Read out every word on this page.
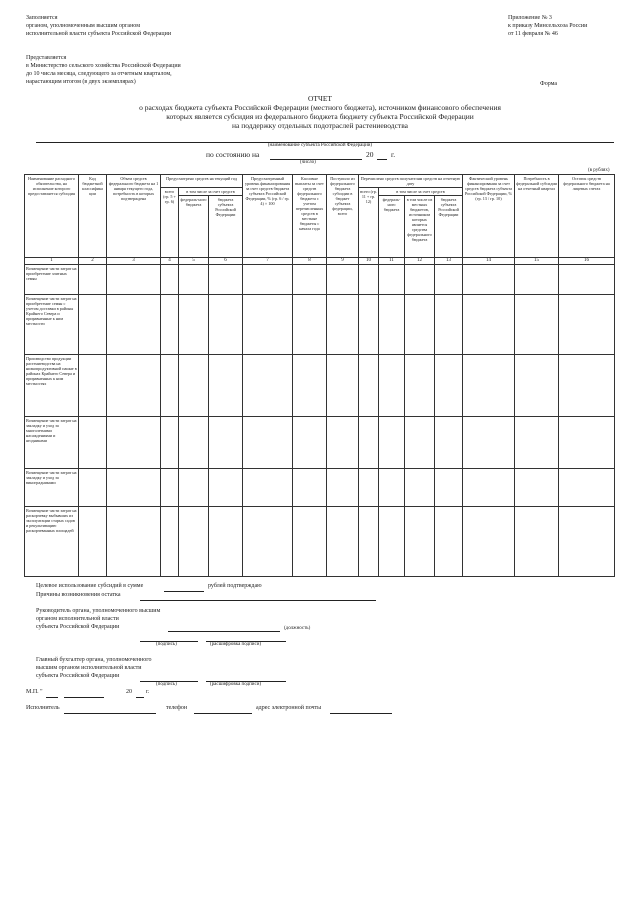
Заполняется
органом, уполномоченным высшим органом
исполнительной власти субъекта Российской Федерации
Приложение № 3
к приказу Минсельхоза России
от 11 февраля № 46
Представляется
в Министерство сельского хозяйства Российской Федерации
до 10 числа месяца, следующего за отчетным кварталом,
нарастающим итогом (в двух экземплярах)	Форма
ОТЧЕТ
о расходах бюджета субъекта Российской Федерации (местного бюджета), источником финансового обеспечения
которых является субсидия из федерального бюджета бюджету субъекта Российской Федерации
на поддержку отдельных подотраслей растениеводства
(наименование субъекта Российской Федерации)
по состоянию на	20 г.
(число)
(в рублях)
Наименование расходного обязательства, на исполнение которого предоставляется субсидия	Код бюджетной классифика ции	Объем средств федерального бюджета на 1 января текущего года, потребность в которых подтверждена	Предусмотрено средств на текущий год			Предусмотренный уровень финансирования за счет средств бюджета субъекта Российской Федерации, % (гр. 6 / гр. 4) × 100	Кассовые выплаты за счет средств федерального бюджета с учетом перечисленных средств в местные бюджеты с начала года	Поступило из федерального бюджета субсидии в бюджет субъекта федерации, всего	Перечислено средств получателям средств на отчетную дату				Фактический уровень финансирования за счет средств бюджета субъекта Российской Федерации, % (гр. 13 / гр. 10)	Потребность в федеральной субсидии на отчетный квартал	Остаток средств федерального бюджета на лицевых счетах
			всего (гр. 5 + гр. 6)	в том числе за счет средств					всего (гр. 11 + гр. 12)	в том числе за счет средств					
				федераль-ного бюджета	бюджета субъекта Российской Федерации					федераль-ного бюджета	в том числе из местных бюджетов, источником которых является средства федерального бюджета	бюджета субъекта Российской Федерации			
1	2	3	4	5	6	7	8	9	10	11	12	13	14	15	16
Возмещение части затрат на приобретение элитных семян															
Возмещение части затрат на приобретение семян с учетом доставки в районы Крайнего Севера и приравненные к ним местности															
Производство продукции растениеводства на низкопродуктивной пашне в районах Крайнего Севера и приравненных к ним местностях															
Возмещение части затрат на закладку и уход за многолетними насаждениями и ягодниками															
Возмещение части затрат на закладку и уход за виноградниками															
Возмещение части затрат на раскорчевку выбывших из эксплуатации старых садов и рекультивацию раскорчеванных площадей															
Целевое использование субсидий в сумме	рублей подтверждаю
Причины возникновения остатка
Руководитель органа, уполномоченного высшим
органом исполнительной власти
субъекта Российской Федерации	(должность)
(подпись)	(расшифровка подписи)
Главный бухгалтер органа, уполномоченного
высшим органом исполнительной власти
субъекта Российской Федерации
(подпись)	(расшифровка подписи)
М.П. "	20 г.
Исполнитель	телефон	адрес электронной почты
